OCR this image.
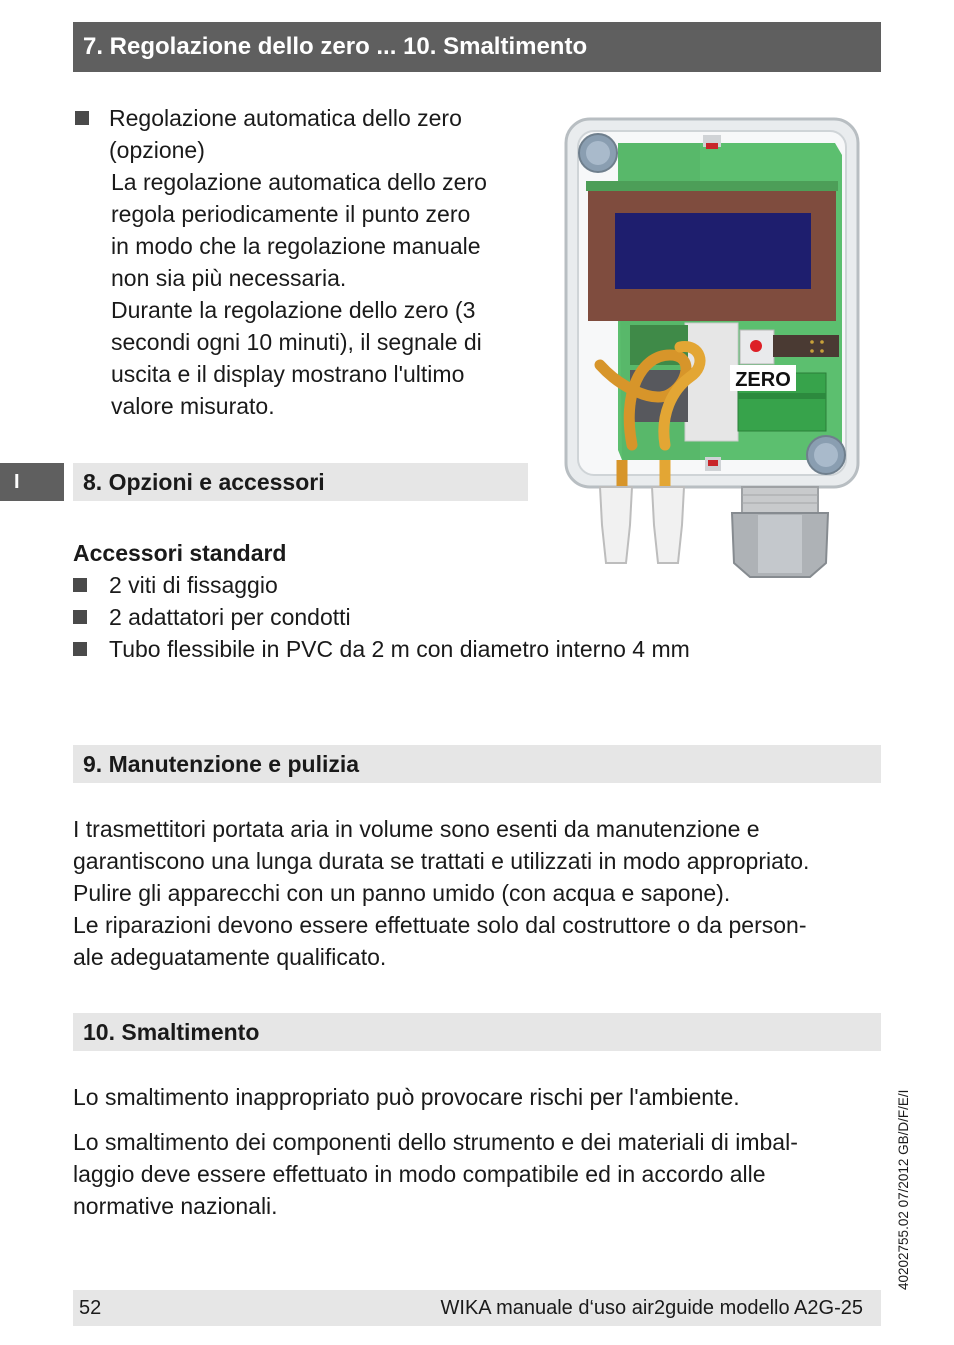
7. Regolazione dello zero ... 10. Smaltimento
Regolazione automatica dello zero
(opzione)
La regolazione automatica dello zero
regola periodicamente il punto zero
in modo che la regolazione manuale
non sia più necessaria.
Durante la regolazione dello zero (3
secondi ogni 10 minuti), il segnale di
uscita e il display mostrano l'ultimo
valore misurato.
ZERO
I	8. Opzioni e accessori
Accessori standard
2 viti di fissaggio
2 adattatori per condotti
Tubo flessibile in PVC da 2 m con diametro interno 4 mm
9. Manutenzione e pulizia
I trasmettitori portata aria in volume sono esenti da manutenzione e
garantiscono una lunga durata se trattati e utilizzati in modo appropriato.
Pulire gli apparecchi con un panno umido (con acqua e sapone).
Le riparazioni devono essere effettuate solo dal costruttore o da person-
ale adeguatamente qualificato.
10. Smaltimento
Lo smaltimento inappropriato può provocare rischi per l'ambiente.
Lo smaltimento dei componenti dello strumento e dei materiali di imbal-
laggio deve essere effettuato in modo compatibile ed in accordo alle
normative nazionali.	40202755.02 07/2012 GB/D/F/E/I
52	WIKA manuale d‘uso air2guide modello A2G-25
